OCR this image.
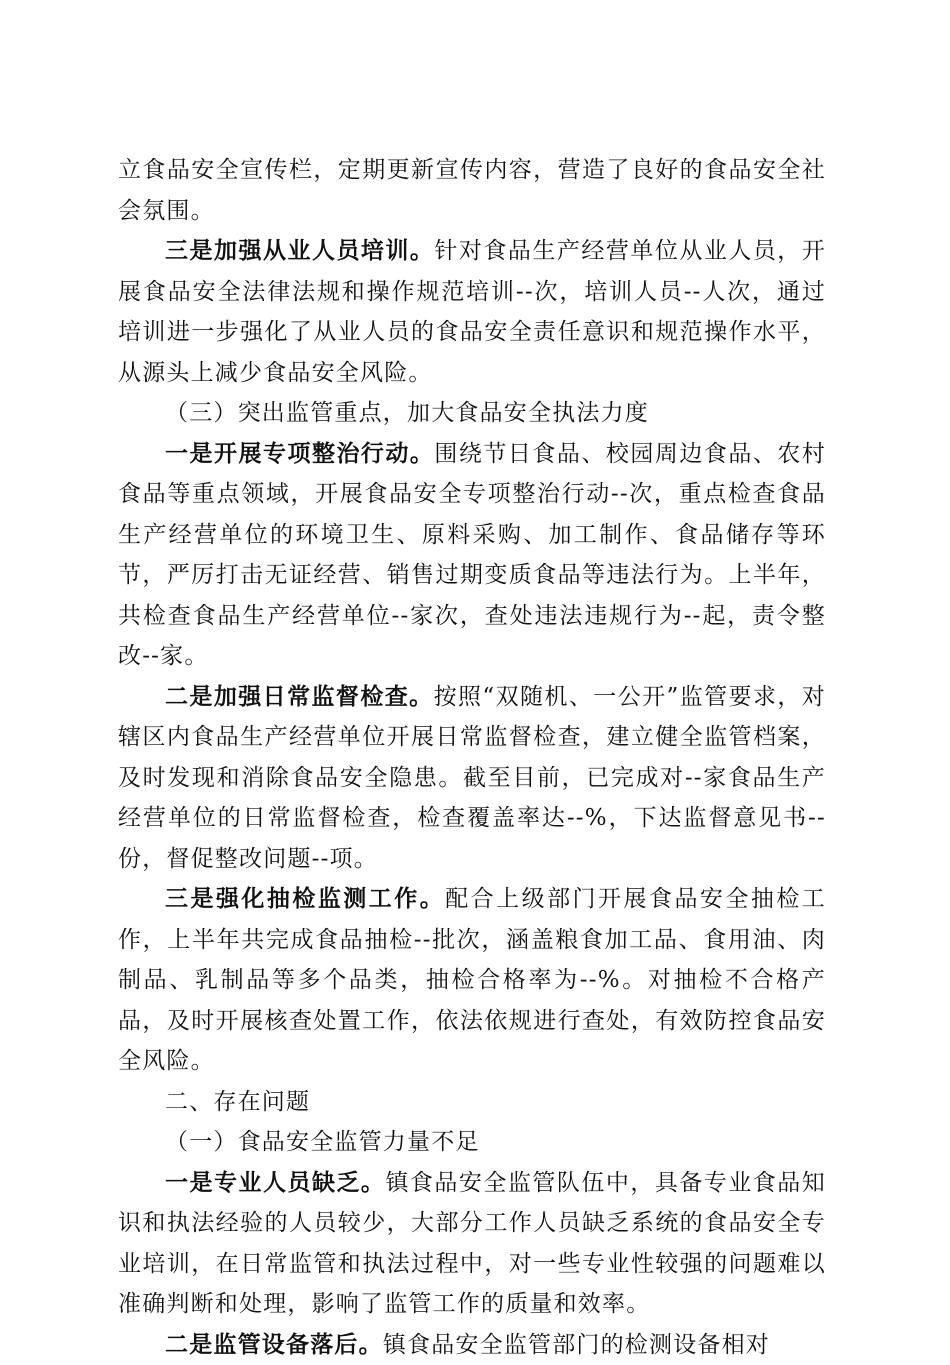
立食品安全宣传栏，定期更新宣传内容，营造了良好的食品安全社会氛围。

三是加强从业人员培训。针对食品生产经营单位从业人员，开展食品安全法律法规和操作规范培训--次，培训人员--人次，通过培训进一步强化了从业人员的食品安全责任意识和规范操作水平，从源头上减少食品安全风险。

（三）突出监管重点，加大食品安全执法力度

一是开展专项整治行动。围绕节日食品、校园周边食品、农村食品等重点领域，开展食品安全专项整治行动--次，重点检查食品生产经营单位的环境卫生、原料采购、加工制作、食品储存等环节，严厉打击无证经营、销售过期变质食品等违法行为。上半年，共检查食品生产经营单位--家次，查处违法违规行为--起，责令整改--家。

二是加强日常监督检查。按照“双随机、一公开”监管要求，对辖区内食品生产经营单位开展日常监督检查，建立健全监管档案，及时发现和消除食品安全隐患。截至目前，已完成对--家食品生产经营单位的日常监督检查，检查覆盖率达--%，下达监督意见书--份，督促整改问题--项。

三是强化抽检监测工作。配合上级部门开展食品安全抽检工作，上半年共完成食品抽检--批次，涵盖粮食加工品、食用油、肉制品、乳制品等多个品类，抽检合格率为--%。对抽检不合格产品，及时开展核查处置工作，依法依规进行查处，有效防控食品安全风险。

二、存在问题

（一）食品安全监管力量不足

一是专业人员缺乏。镇食品安全监管队伍中，具备专业食品知识和执法经验的人员较少，大部分工作人员缺乏系统的食品安全专业培训，在日常监管和执法过程中，对一些专业性较强的问题难以准确判断和处理，影响了监管工作的质量和效率。

二是监管设备落后。镇食品安全监管部门的检测设备相对
